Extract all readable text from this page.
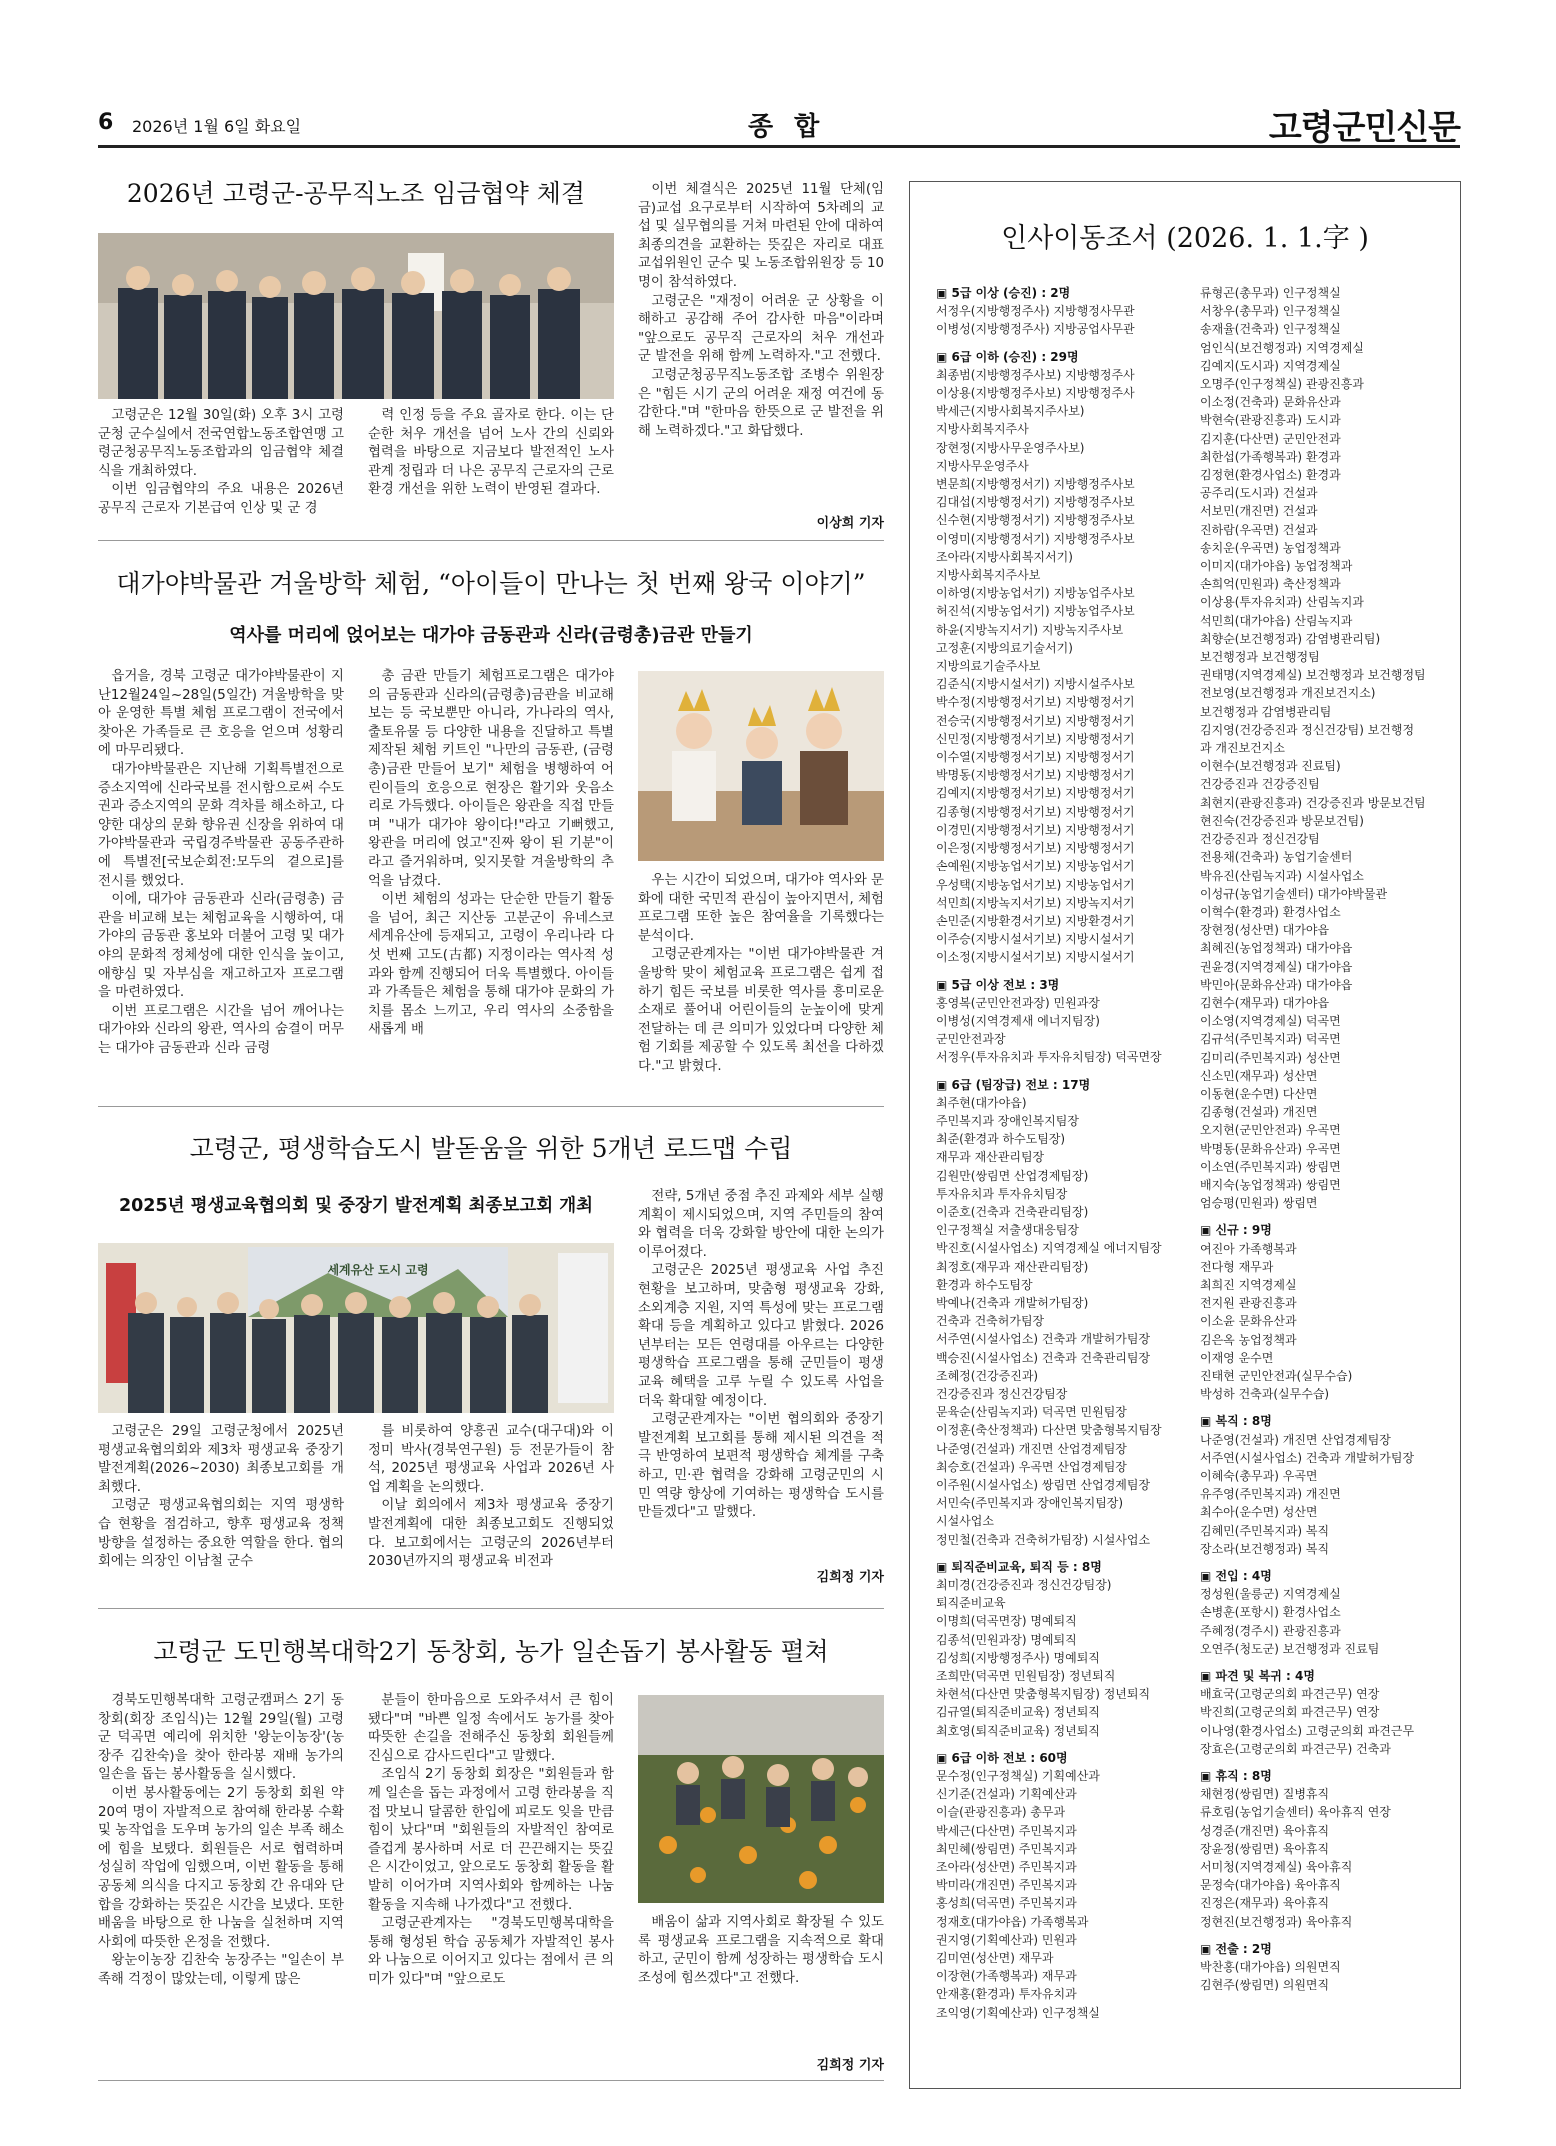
6 2026년 1월 6일 화요일	종 합	고령군민신문
2026년 고령군-공무직노조 임금협약 체결

고령군은 12월 30일(화) 오후 3시 고령군청 군수실에서 전국연합노동조합연맹 고령군청공무직노동조합과의 임금협약 체결식을 개최하였다.

이번 임금협약의 주요 내용은 2026년 공무직 근로자 기본급여 인상 및 군 경

력 인정 등을 주요 골자로 한다. 이는 단순한 처우 개선을 넘어 노사 간의 신뢰와 협력을 바탕으로 지금보다 발전적인 노사관계 정립과 더 나은 공무직 근로자의 근로 환경 개선을 위한 노력이 반영된 결과다.

이번 체결식은 2025년 11월 단체(임금)교섭 요구로부터 시작하여 5차례의 교섭 및 실무협의를 거쳐 마련된 안에 대하여 최종의견을 교환하는 뜻깊은 자리로 대표 교섭위원인 군수 및 노동조합위원장 등 10명이 참석하였다.

고령군은 "재정이 어려운 군 상황을 이해하고 공감해 주어 감사한 마음"이라며 "앞으로도 공무직 근로자의 처우 개선과 군 발전을 위해 함께 노력하자."고 전했다.

고령군청공무직노동조합 조병수 위원장은 "힘든 시기 군의 어려운 재정 여건에 동감한다."며 "한마음 한뜻으로 군 발전을 위해 노력하겠다."고 화답했다.

이상희 기자
대가야박물관 겨울방학 체험, “아이들이 만나는 첫 번째 왕국 이야기”
역사를 머리에 얹어보는 대가야 금동관과 신라(금령총)금관 만들기

읍거을, 경북 고령군 대가야박물관이 지난12월24일~28일(5일간) 겨울방학을 맞아 운영한 특별 체험 프로그램이 전국에서 찾아온 가족들로 큰 호응을 얻으며 성황리에 마무리됐다.

대가야박물관은 지난해 기획특별전으로 증소지역에 신라국보를 전시함으로써 수도권과 증소지역의 문화 격차를 해소하고, 다양한 대상의 문화 향유권 신장을 위하여 대가야박물관과 국립경주박물관 공동주관하에 특별전[국보순회전:모두의 곁으로]를 전시를 했었다.

이에, 대가야 금동관과 신라(금령총) 금관을 비교해 보는 체험교육을 시행하여, 대가야의 금동관 홍보와 더불어 고령 및 대가야의 문화적 정체성에 대한 인식을 높이고, 애향심 및 자부심을 재고하고자 프로그램을 마련하였다.

이번 프로그램은 시간을 넘어 깨어나는 대가야와 신라의 왕관, 역사의 숨결이 머무는 대가야 금동관과 신라 금령

총 금관 만들기 체험프로그램은 대가야의 금동관과 신라의(금령총)금관을 비교해보는 등 국보뿐만 아니라, 가나라의 역사, 출토유물 등 다양한 내용을 진달하고 특별 제작된 체험 키트인 "나만의 금동관, (금령총)금관 만들어 보기" 체험을 병행하여 어린이들의 호응으로 현장은 활기와 웃음소리로 가득했다. 아이들은 왕관을 직접 만들며 "내가 대가야 왕이다!"라고 기뻐했고, 왕관을 머리에 얹고"진짜 왕이 된 기분"이라고 즐거워하며, 잊지못할 겨울방학의 추억을 남겼다.

이번 체험의 성과는 단순한 만들기 활동을 넘어, 최근 지산동 고분군이 유네스코 세계유산에 등재되고, 고령이 우리나라 다섯 번째 고도(古都) 지정이라는 역사적 성과와 함께 진행되어 더욱 특별했다. 아이들과 가족들은 체험을 통해 대가야 문화의 가치를 몸소 느끼고, 우리 역사의 소중함을 새롭게 배

우는 시간이 되었으며, 대가야 역사와 문화에 대한 국민적 관심이 높아지면서, 체험 프로그램 또한 높은 참여율을 기록했다는 분석이다.

고령군관계자는 "이번 대가야박물관 겨울방학 맞이 체험교육 프로그램은 쉽게 접하기 힘든 국보를 비롯한 역사를 흥미로운 소재로 풀어내 어린이들의 눈높이에 맞게 전달하는 데 큰 의미가 있었다며 다양한 체험 기회를 제공할 수 있도록 최선을 다하겠다."고 밝혔다.

고령군, 평생학습도시 발돋움을 위한 5개년 로드맵 수립
2025년 평생교육협의회 및 중장기 발전계획 최종보고회 개최
세계유산 도시 고령

고령군은 29일 고령군청에서 2025년 평생교육협의회와 제3차 평생교육 중장기 발전계획(2026~2030) 최종보고회를 개최했다.

고령군 평생교육협의회는 지역 평생학습 현황을 점검하고, 향후 평생교육 정책 방향을 설정하는 중요한 역할을 한다. 협의회에는 의장인 이남철 군수

를 비롯하여 양흥권 교수(대구대)와 이정미 박사(경북연구원) 등 전문가들이 참석, 2025년 평생교육 사업과 2026년 사업 계획을 논의했다.

이날 회의에서 제3차 평생교육 중장기 발전계획에 대한 최종보고회도 진행되었다. 보고회에서는 고령군의 2026년부터 2030년까지의 평생교육 비전과

전략, 5개년 중점 추진 과제와 세부 실행 계획이 제시되었으며, 지역 주민들의 참여와 협력을 더욱 강화할 방안에 대한 논의가 이루어졌다.

고령군은 2025년 평생교육 사업 추진 현황을 보고하며, 맞춤형 평생교육 강화, 소외계층 지원, 지역 특성에 맞는 프로그램 확대 등을 계획하고 있다고 밝혔다. 2026년부터는 모든 연령대를 아우르는 다양한 평생학습 프로그램을 통해 군민들이 평생교육 혜택을 고루 누릴 수 있도록 사업을 더욱 확대할 예정이다.

고령군관계자는 "이번 협의회와 중장기 발전계획 보고회를 통해 제시된 의견을 적극 반영하여 보편적 평생학습 체계를 구축하고, 민·관 협력을 강화해 고령군민의 시민 역량 향상에 기여하는 평생학습 도시를 만들겠다"고 말했다.

김희정 기자
고령군 도민행복대학2기 동창회, 농가 일손돕기 봉사활동 펼쳐

경북도민행복대학 고령군캠퍼스 2기 동창회(회장 조임식)는 12월 29일(월) 고령군 덕곡면 예리에 위치한 '왕눈이농장'(농장주 김찬숙)을 찾아 한라봉 재배 농가의 일손을 돕는 봉사활동을 실시했다.

이번 봉사활동에는 2기 동창회 회원 약 20여 명이 자발적으로 참여해 한라봉 수확 및 농작업을 도우며 농가의 일손 부족 해소에 힘을 보탰다. 회원들은 서로 협력하며 성실히 작업에 임했으며, 이번 활동을 통해 공동체 의식을 다지고 동창회 간 유대와 단합을 강화하는 뜻깊은 시간을 보냈다. 또한 배움을 바탕으로 한 나눔을 실천하며 지역사회에 따뜻한 온정을 전했다.

왕눈이농장 김찬숙 농장주는 "일손이 부족해 걱정이 많았는데, 이렇게 많은

분들이 한마음으로 도와주셔서 큰 힘이 됐다"며 "바쁜 일정 속에서도 농가를 찾아 따뜻한 손길을 전해주신 동창회 회원들께 진심으로 감사드린다"고 말했다.

조임식 2기 동창회 회장은 "회원들과 함께 일손을 돕는 과정에서 고령 한라봉을 직접 맛보니 달콤한 한입에 피로도 잊을 만큼 힘이 났다"며 "회원들의 자발적인 참여로 즐겁게 봉사하며 서로 더 끈끈해지는 뜻깊은 시간이었고, 앞으로도 동창회 활동을 활발히 이어가며 지역사회와 함께하는 나눔 활동을 지속해 나가겠다"고 전했다.

고령군관계자는 "경북도민행복대학을 통해 형성된 학습 공동체가 자발적인 봉사와 나눔으로 이어지고 있다는 점에서 큰 의미가 있다"며 "앞으로도

배움이 삶과 지역사회로 확장될 수 있도록 평생교육 프로그램을 지속적으로 확대하고, 군민이 함께 성장하는 평생학습 도시 조성에 힘쓰겠다"고 전했다.

김희정 기자
인사이동조서 (2026. 1. 1.字 )
▣ 5급 이상 (승진) : 2명
서정우(지방행정주사) 지방행정사무관
이병성(지방행정주사) 지방공업사무관
▣ 6급 이하 (승진) : 29명
최종범(지방행정주사보) 지방행정주사
이상용(지방행정주사보) 지방행정주사
박세근(지방사회복지주사보)
지방사회복지주사
장현정(지방사무운영주사보)
지방사무운영주사
변문희(지방행정서기) 지방행정주사보
김대섭(지방행정서기) 지방행정주사보
신수현(지방행정서기) 지방행정주사보
이영미(지방행정서기) 지방행정주사보
조아라(지방사회복지서기)
지방사회복지주사보
이하영(지방농업서기) 지방농업주사보
허진석(지방농업서기) 지방농업주사보
하윤(지방녹지서기) 지방녹지주사보
고정훈(지방의료기술서기)
지방의료기술주사보
김준식(지방시설서기) 지방시설주사보
박수정(지방행정서기보) 지방행정서기
전승국(지방행정서기보) 지방행정서기
신민정(지방행정서기보) 지방행정서기
이수열(지방행정서기보) 지방행정서기
박명동(지방행정서기보) 지방행정서기
김예지(지방행정서기보) 지방행정서기
김종형(지방행정서기보) 지방행정서기
이경민(지방행정서기보) 지방행정서기
이은정(지방행정서기보) 지방행정서기
손예원(지방농업서기보) 지방농업서기
우성택(지방농업서기보) 지방농업서기
석민희(지방녹지서기보) 지방녹지서기
손민준(지방환경서기보) 지방환경서기
이주승(지방시설서기보) 지방시설서기
이소정(지방시설서기보) 지방시설서기
▣ 5급 이상 전보 : 3명
홍영복(군민안전과장) 민원과장
이병성(지역경제새 에너지팀장)
군민안전과장
서정우(투자유치과 투자유치팀장) 덕곡면장
▣ 6급 (팀장급) 전보 : 17명
최주현(대가야읍)
주민복지과 장애인복지팀장
최준(환경과 하수도팀장)
재무과 재산관리팀장
김원만(쌍림면 산업경제팀장)
투자유치과 투자유치팀장
이준호(건축과 건축관리팀장)
인구정책실 저출생대응팀장
박진호(시설사업소) 지역경제실 에너지팀장
최정호(재무과 재산관리팀장)
환경과 하수도팀장
박예나(건축과 개발허가팀장)
건축과 건축허가팀장
서주연(시설사업소) 건축과 개발허가팀장
백승진(시설사업소) 건축과 건축관리팀장
조혜정(건강증진과)
건강증진과 정신건강팀장
문육순(산림녹지과) 덕곡면 민원팀장
이정훈(축산정책과) 다산면 맞춤형복지팀장
나준영(건설과) 개진면 산업경제팀장
최승호(건설과) 우곡면 산업경제팀장
이주원(시설사업소) 쌍림면 산업경제팀장
서민숙(주민복지과 장애인복지팀장)
시설사업소
정민철(건축과 건축허가팀장) 시설사업소
▣ 퇴직준비교육, 퇴직 등 : 8명
최미경(건강증진과 정신건강팀장)
퇴직준비교육
이명희(덕곡면장) 명예퇴직
김종석(민원과장) 명예퇴직
김성희(지방행정주사) 명예퇴직
조희만(덕곡면 민원팀장) 정년퇴직
차현석(다산면 맞춤형복지팀장) 정년퇴직
김규열(퇴직준비교육) 정년퇴직
최호영(퇴직준비교육) 정년퇴직
▣ 6급 이하 전보 : 60명
문수정(인구정책실) 기획예산과
신기준(건설과) 기획예산과
이슬(관광진흥과) 총무과
박세근(다산면) 주민복지과
최민혜(쌍림면) 주민복지과
조아라(성산면) 주민복지과
박미라(개진면) 주민복지과
홍성희(덕곡면) 주민복지과
정재호(대가야읍) 가족행복과
권지영(기획예산과) 민원과
김미연(성산면) 재무과
이장현(가족행복과) 재무과
안재홍(환경과) 투자유치과
조익영(기획예산과) 인구정책실
류형곤(총무과) 인구정책실
서창우(총무과) 인구정책실
송재율(건축과) 인구정책실
엄인식(보건행정과) 지역경제실
김예지(도시과) 지역경제실
오명주(인구정책실) 관광진흥과
이소정(건축과) 문화유산과
박현숙(관광진흥과) 도시과
김지훈(다산면) 군민안전과
최한섭(가족행복과) 환경과
김정현(환경사업소) 환경과
공주리(도시과) 건설과
서보민(개진면) 건설과
진하람(우곡면) 건설과
송치운(우곡면) 농업정책과
이미지(대가야읍) 농업정책과
손희억(민원과) 축산정책과
이상용(투자유치과) 산림녹지과
석민희(대가야읍) 산림녹지과
최향순(보건행정과) 감염병관리팀)
보건행정과 보건행정팀
권태명(지역경제실) 보건행정과 보건행정팀
전보영(보건행정과 개진보건지소)
보건행정과 감염병관리팀
김지영(건강증진과 정신건강팀) 보건행정
과 개진보건지소
이현수(보건행정과 진료팀)
건강증진과 건강증진팀
최현지(관광진흥과) 건강증진과 방문보건팀
현진숙(건강증진과 방문보건팀)
건강증진과 정신건강팀
전용채(건축과) 농업기술센터
박유진(산림녹지과) 시설사업소
이성규(농업기술센터) 대가야박물관
이혁수(환경과) 환경사업소
장현정(성산면) 대가야읍
최혜진(농업정책과) 대가야읍
권윤경(지역경제실) 대가야읍
박민아(문화유산과) 대가야읍
김현수(재무과) 대가야읍
이소영(지역경제실) 덕곡면
김규석(주민복지과) 덕곡면
김미리(주민복지과) 성산면
신소민(재무과) 성산면
이동현(운수면) 다산면
김종형(건설과) 개진면
오지현(군민안전과) 우곡면
박명동(문화유산과) 우곡면
이소연(주민복지과) 쌍림면
배지숙(농업정책과) 쌍림면
엄승평(민원과) 쌍림면
▣ 신규 : 9명
여진아 가족행복과
전다형 재무과
최희진 지역경제실
전지원 관광진흥과
이소윤 문화유산과
김은옥 농업정책과
이재영 운수면
진태현 군민안전과(실무수습)
박성하 건축과(실무수습)
▣ 복직 : 8명
나준영(건설과) 개진면 산업경제팀장
서주연(시설사업소) 건축과 개발허가팀장
이혜숙(총무과) 우곡면
유주영(주민복지과) 개진면
최수아(운수면) 성산면
김혜민(주민복지과) 복직
장소라(보건행정과) 복직
▣ 전입 : 4명
정성원(울릉군) 지역경제실
손병훈(포항시) 환경사업소
주혜정(경주시) 관광진흥과
오연주(청도군) 보건행정과 진료팀
▣ 파견 및 복귀 : 4명
배효국(고령군의회 파견근무) 연장
박진희(고령군의회 파견근무) 연장
이나영(환경사업소) 고령군의회 파견근무
장효은(고령군의회 파견근무) 건축과
▣ 휴직 : 8명
채현정(쌍림면) 질병휴직
류호림(농업기술센터) 육아휴직 연장
성경준(개진면) 육아휴직
장윤정(쌍림면) 육아휴직
서미청(지역경제실) 육아휴직
문정숙(대가야읍) 육아휴직
진정은(재무과) 육아휴직
정현진(보건행정과) 육아휴직
▣ 전출 : 2명
박찬홍(대가야읍) 의원면직
김현주(쌍림면) 의원면직
